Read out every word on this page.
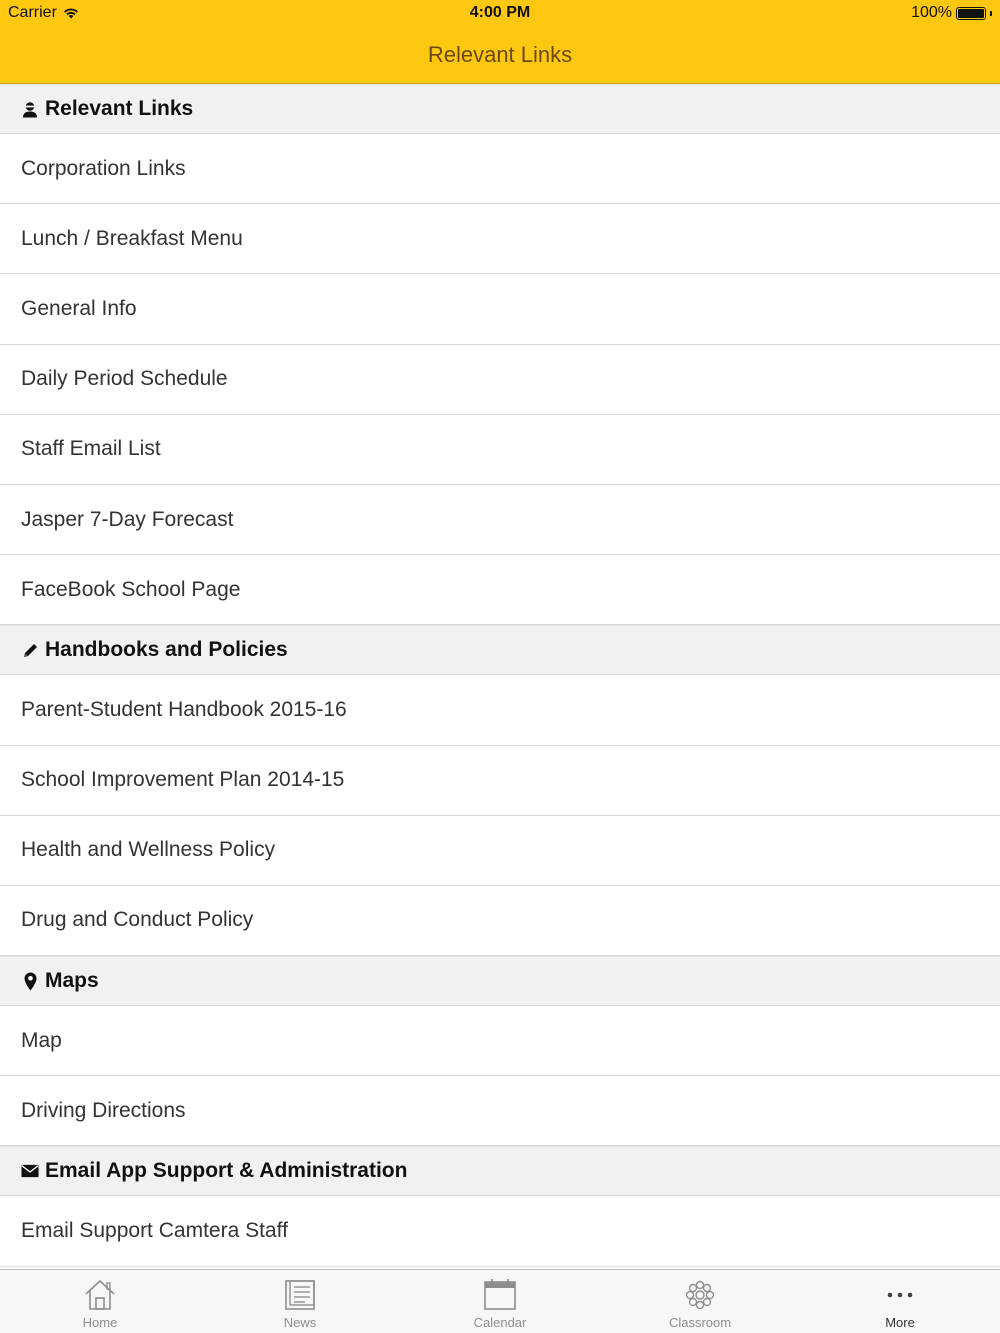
Carrier	4:00 PM	100%
Relevant Links
Relevant Links
Corporation Links
Lunch / Breakfast Menu
General Info
Daily Period Schedule
Staff Email List
Jasper 7-Day Forecast
FaceBook School Page
Handbooks and Policies
Parent-Student Handbook 2015-16
School Improvement Plan 2014-15
Health and Wellness Policy
Drug and Conduct Policy
Maps
Map
Driving Directions
Email App Support & Administration
Email Support Camtera Staff
Home	News	Calendar	Classroom	More
